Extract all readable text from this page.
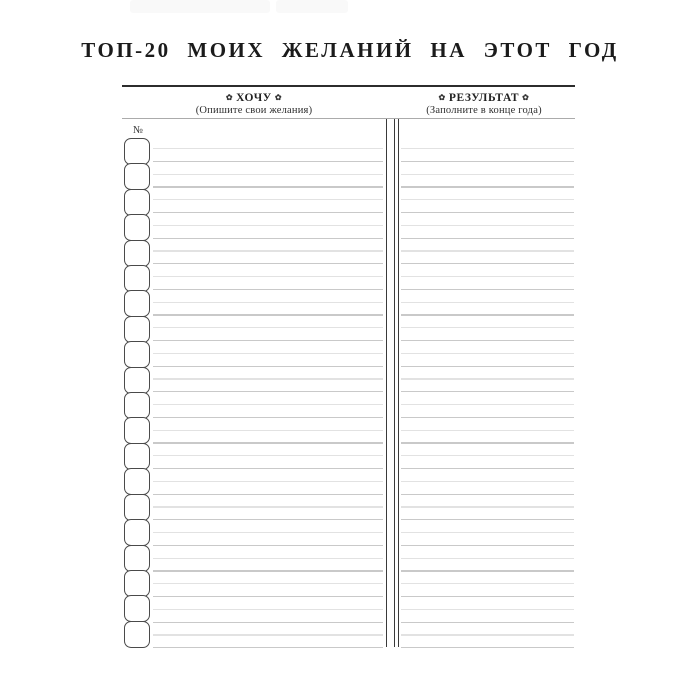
ТОП-20 МОИХ ЖЕЛАНИЙ НА ЭТОТ ГОД
✿ ХОЧУ ✿
(Опишите свои желания)
✿ РЕЗУЛЬТАТ ✿
(Заполните в конце года)
№
